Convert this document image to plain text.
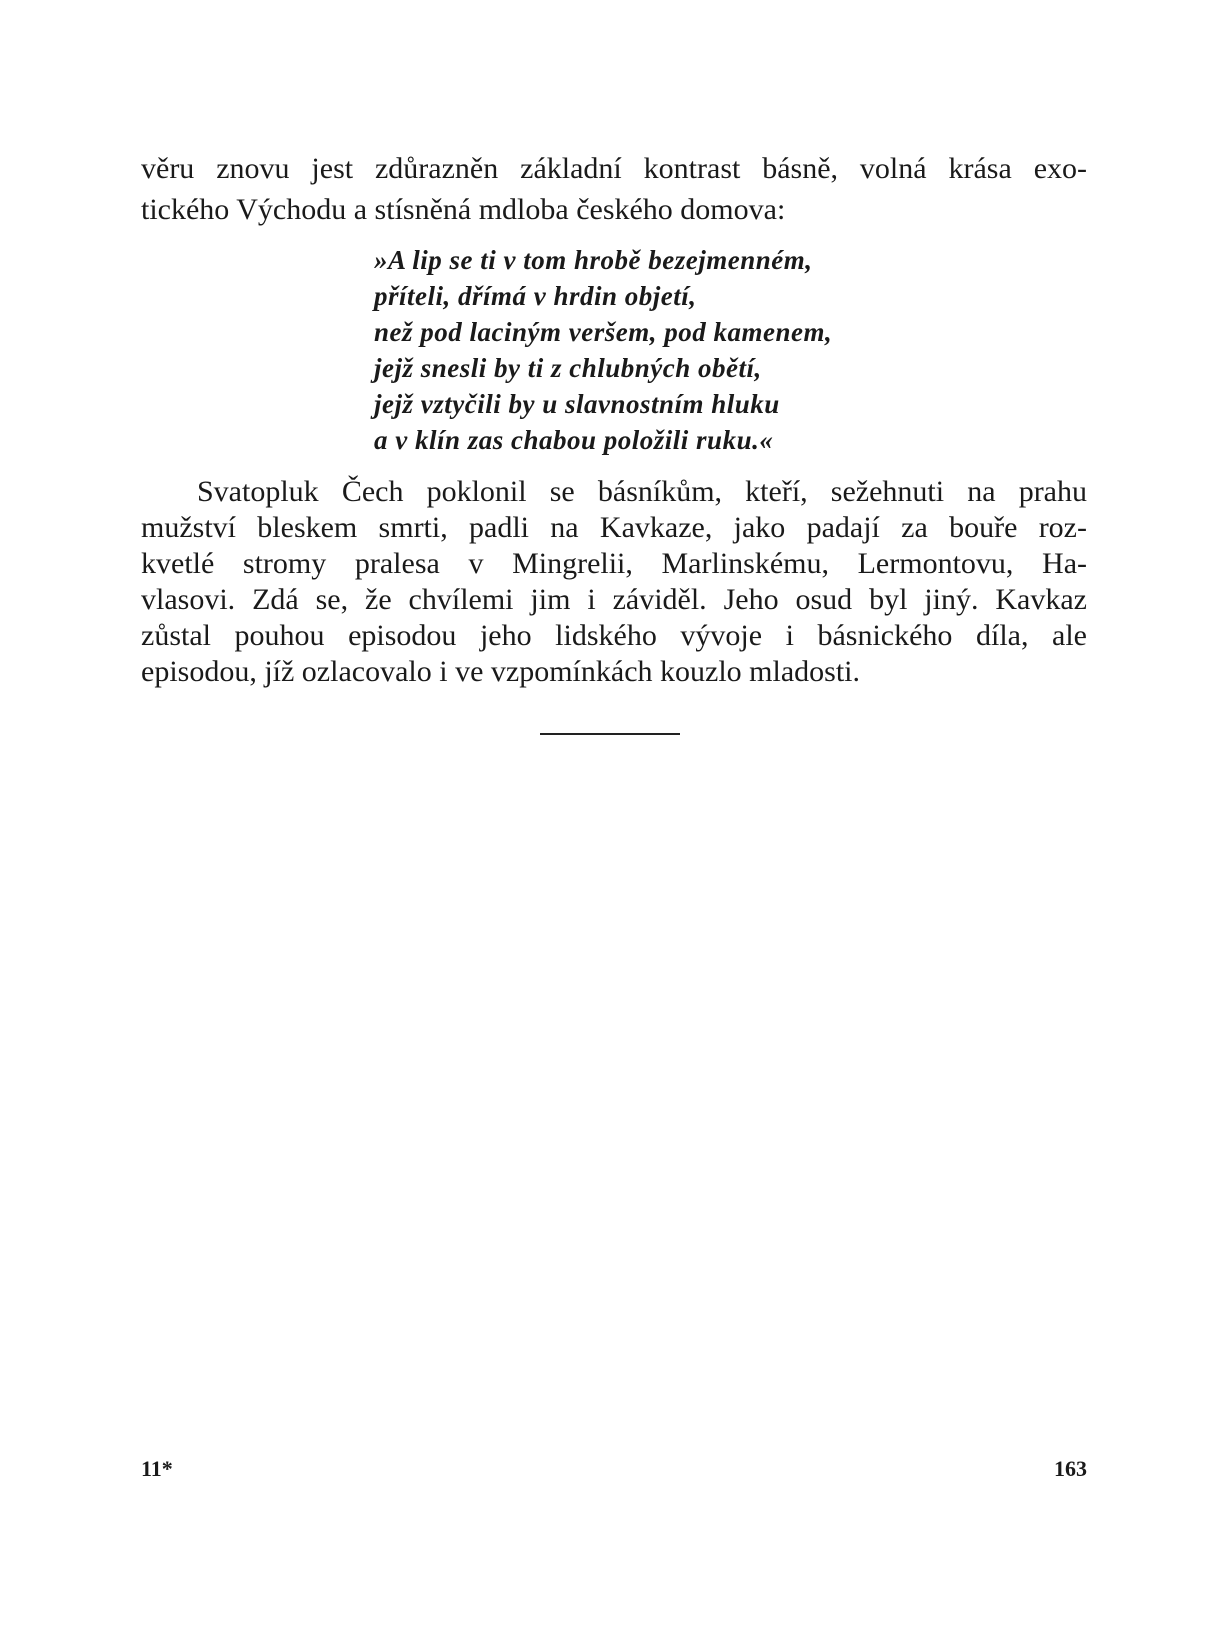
věru znovu jest zdůrazněn základní kontrast básně, volná krása exo-
tického Východu a stísněná mdloba českého domova:
»A lip se ti v tom hrobě bezejmenném,
příteli, dřímá v hrdin objetí,
než pod laciným veršem, pod kamenem,
jejž snesli by ti z chlubných obětí,
jejž vztyčili by u slavnostním hluku
a v klín zas chabou položili ruku.«
Svatopluk Čech poklonil se básníkům, kteří, sežehnuti na prahu
mužství bleskem smrti, padli na Kavkaze, jako padají za bouře roz-
kvetlé stromy pralesa v Mingrelii, Marlinskému, Lermontovu, Ha-
vlasovi. Zdá se, že chvílemi jim i záviděl. Jeho osud byl jiný. Kavkaz
zůstal pouhou episodou jeho lidského vývoje i básnického díla, ale
episodou, jíž ozlacovalo i ve vzpomínkách kouzlo mladosti.
11*	163
